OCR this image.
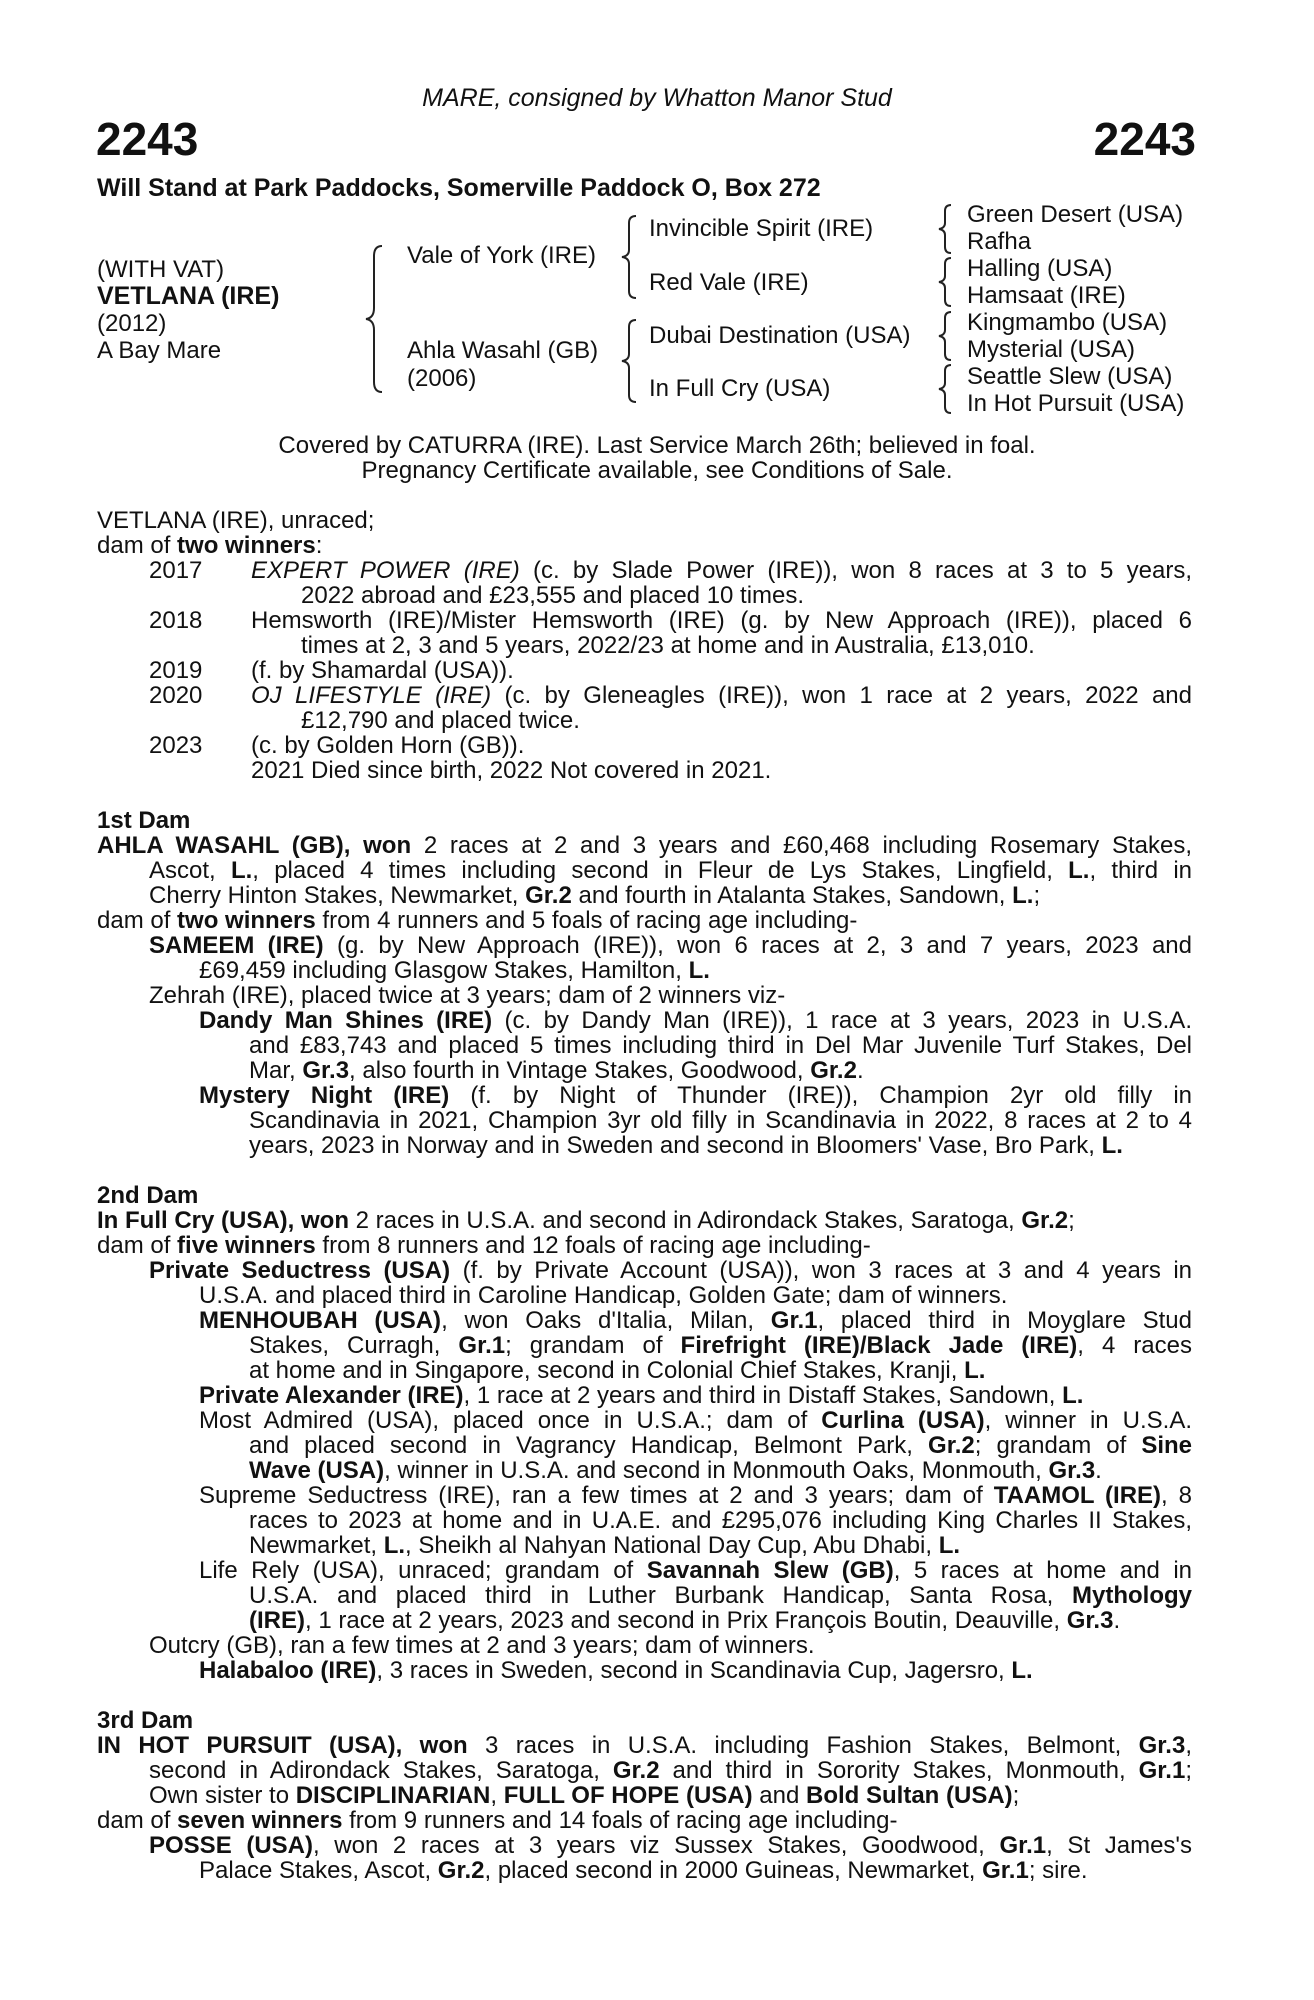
MARE, consigned by Whatton Manor Stud
2243	2243
Will Stand at Park Paddocks, Somerville Paddock O, Box 272
(WITH VAT)
VETLANA (IRE)
(2012)
A Bay Mare
Vale of York (IRE)
Ahla Wasahl (GB)
(2006)
Invincible Spirit (IRE)
Red Vale (IRE)
Dubai Destination (USA)
In Full Cry (USA)
Green Desert (USA)
Rafha
Halling (USA)
Hamsaat (IRE)
Kingmambo (USA)
Mysterial (USA)
Seattle Slew (USA)
In Hot Pursuit (USA)
Covered by CATURRA (IRE). Last Service March 26th; believed in foal.
Pregnancy Certificate available, see Conditions of Sale.
VETLANA (IRE), unraced;
dam of two winners:
2017 EXPERT POWER (IRE) (c. by Slade Power (IRE)), won 8 races at 3 to 5 years,
2022 abroad and £23,555 and placed 10 times.
2018 Hemsworth (IRE)/Mister Hemsworth (IRE) (g. by New Approach (IRE)), placed 6
times at 2, 3 and 5 years, 2022/23 at home and in Australia, £13,010.
2019 (f. by Shamardal (USA)).
2020 OJ LIFESTYLE (IRE) (c. by Gleneagles (IRE)), won 1 race at 2 years, 2022 and
£12,790 and placed twice.
2023 (c. by Golden Horn (GB)).
2021 Died since birth, 2022 Not covered in 2021.
1st Dam
AHLA WASAHL (GB), won 2 races at 2 and 3 years and £60,468 including Rosemary Stakes,
Ascot, L., placed 4 times including second in Fleur de Lys Stakes, Lingfield, L., third in
Cherry Hinton Stakes, Newmarket, Gr.2 and fourth in Atalanta Stakes, Sandown, L.;
dam of two winners from 4 runners and 5 foals of racing age including-
SAMEEM (IRE) (g. by New Approach (IRE)), won 6 races at 2, 3 and 7 years, 2023 and
£69,459 including Glasgow Stakes, Hamilton, L.
Zehrah (IRE), placed twice at 3 years; dam of 2 winners viz-
Dandy Man Shines (IRE) (c. by Dandy Man (IRE)), 1 race at 3 years, 2023 in U.S.A.
and £83,743 and placed 5 times including third in Del Mar Juvenile Turf Stakes, Del
Mar, Gr.3, also fourth in Vintage Stakes, Goodwood, Gr.2.
Mystery Night (IRE) (f. by Night of Thunder (IRE)), Champion 2yr old filly in
Scandinavia in 2021, Champion 3yr old filly in Scandinavia in 2022, 8 races at 2 to 4
years, 2023 in Norway and in Sweden and second in Bloomers' Vase, Bro Park, L.
2nd Dam
In Full Cry (USA), won 2 races in U.S.A. and second in Adirondack Stakes, Saratoga, Gr.2;
dam of five winners from 8 runners and 12 foals of racing age including-
Private Seductress (USA) (f. by Private Account (USA)), won 3 races at 3 and 4 years in
U.S.A. and placed third in Caroline Handicap, Golden Gate; dam of winners.
MENHOUBAH (USA), won Oaks d'Italia, Milan, Gr.1, placed third in Moyglare Stud
Stakes, Curragh, Gr.1; grandam of Firefright (IRE)/Black Jade (IRE), 4 races
at home and in Singapore, second in Colonial Chief Stakes, Kranji, L.
Private Alexander (IRE), 1 race at 2 years and third in Distaff Stakes, Sandown, L.
Most Admired (USA), placed once in U.S.A.; dam of Curlina (USA), winner in U.S.A.
and placed second in Vagrancy Handicap, Belmont Park, Gr.2; grandam of Sine
Wave (USA), winner in U.S.A. and second in Monmouth Oaks, Monmouth, Gr.3.
Supreme Seductress (IRE), ran a few times at 2 and 3 years; dam of TAAMOL (IRE), 8
races to 2023 at home and in U.A.E. and £295,076 including King Charles II Stakes,
Newmarket, L., Sheikh al Nahyan National Day Cup, Abu Dhabi, L.
Life Rely (USA), unraced; grandam of Savannah Slew (GB), 5 races at home and in
U.S.A. and placed third in Luther Burbank Handicap, Santa Rosa, Mythology
(IRE), 1 race at 2 years, 2023 and second in Prix François Boutin, Deauville, Gr.3.
Outcry (GB), ran a few times at 2 and 3 years; dam of winners.
Halabaloo (IRE), 3 races in Sweden, second in Scandinavia Cup, Jagersro, L.
3rd Dam
IN HOT PURSUIT (USA), won 3 races in U.S.A. including Fashion Stakes, Belmont, Gr.3,
second in Adirondack Stakes, Saratoga, Gr.2 and third in Sorority Stakes, Monmouth, Gr.1;
Own sister to DISCIPLINARIAN, FULL OF HOPE (USA) and Bold Sultan (USA);
dam of seven winners from 9 runners and 14 foals of racing age including-
POSSE (USA), won 2 races at 3 years viz Sussex Stakes, Goodwood, Gr.1, St James's
Palace Stakes, Ascot, Gr.2, placed second in 2000 Guineas, Newmarket, Gr.1; sire.
